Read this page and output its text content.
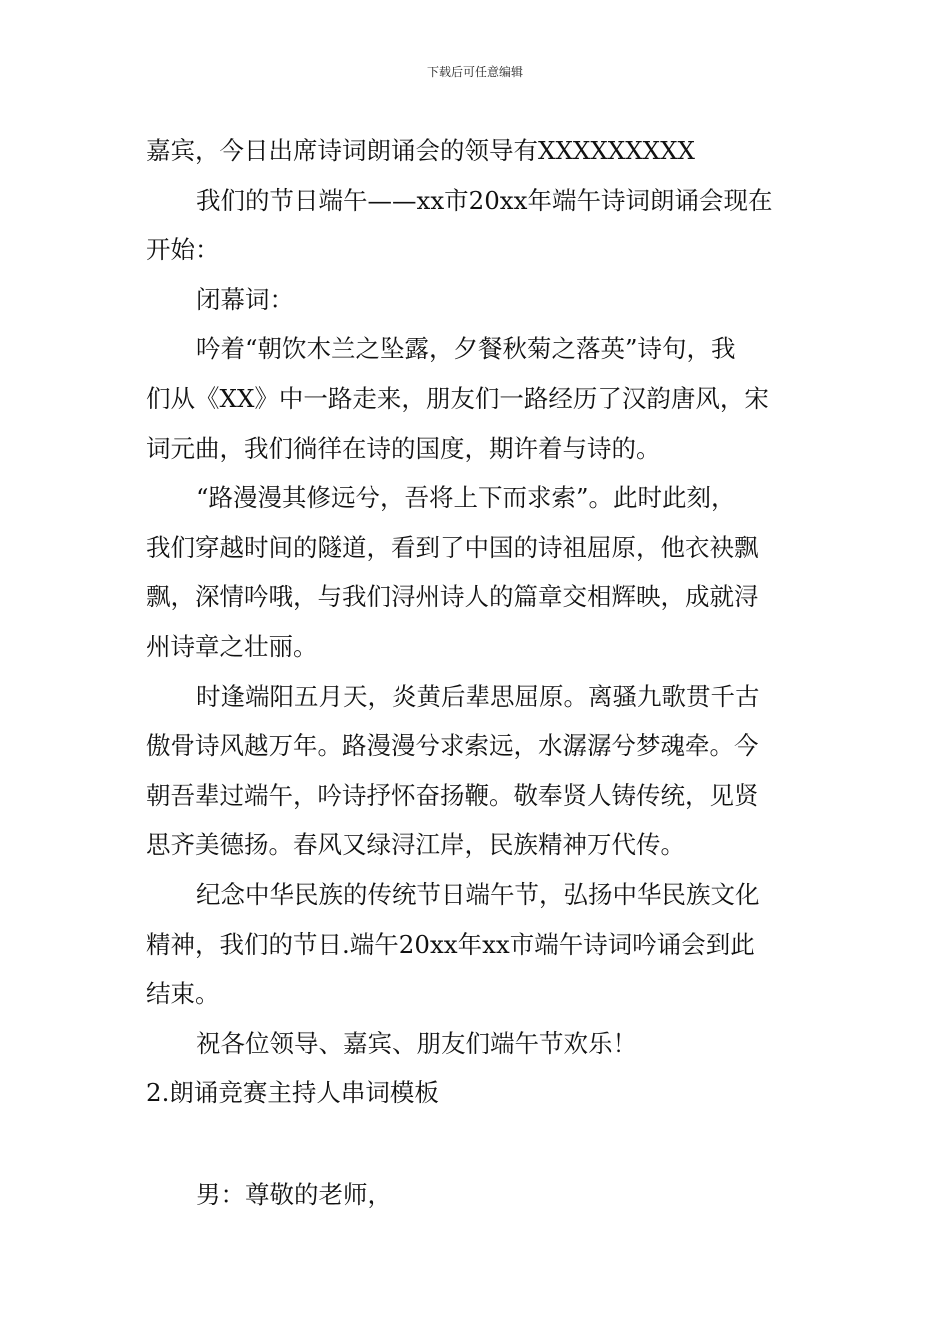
下载后可任意编辑

嘉宾，今日出席诗词朗诵会的领导有XXXXXXXXX

我们的节日端午——xx市20xx年端午诗词朗诵会现在
开始：

闭幕词：

吟着“朝饮木兰之坠露，夕餐秋菊之落英”诗句，我
们从《XX》中一路走来，朋友们一路经历了汉韵唐风，宋
词元曲，我们徜徉在诗的国度，期许着与诗的。

“路漫漫其修远兮，吾将上下而求索”。此时此刻，
我们穿越时间的隧道，看到了中国的诗祖屈原，他衣袂飘
飘，深情吟哦，与我们浔州诗人的篇章交相辉映，成就浔
州诗章之壮丽。

时逢端阳五月天，炎黄后辈思屈原。离骚九歌贯千古
傲骨诗风越万年。路漫漫兮求索远，水潺潺兮梦魂牵。今
朝吾辈过端午，吟诗抒怀奋扬鞭。敬奉贤人铸传统，见贤
思齐美德扬。春风又绿浔江岸，民族精神万代传。

纪念中华民族的传统节日端午节，弘扬中华民族文化
精神，我们的节日.端午20xx年xx市端午诗词吟诵会到此
结束。

祝各位领导、嘉宾、朋友们端午节欢乐！

2.朗诵竞赛主持人串词模板

男：尊敬的老师，
